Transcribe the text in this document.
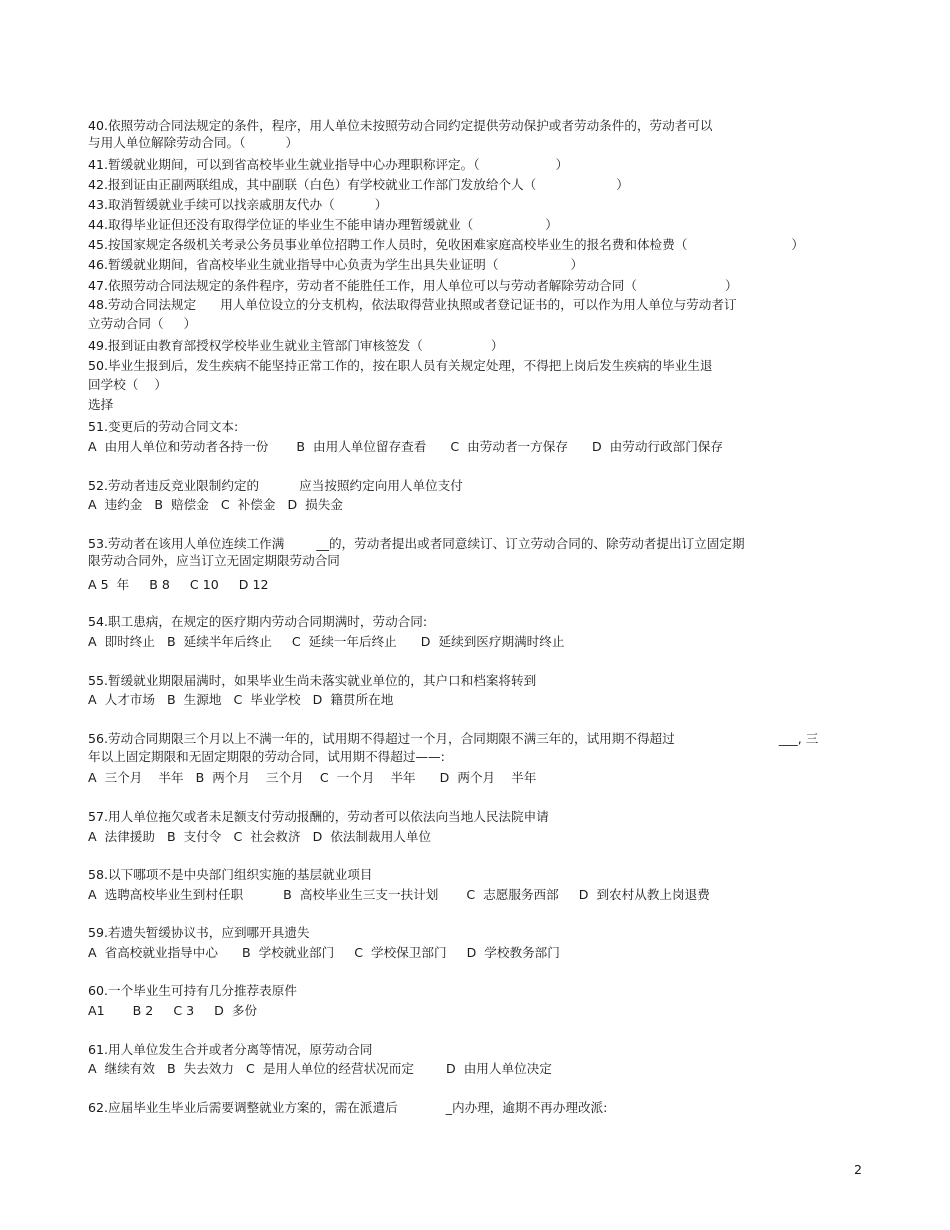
40.依照劳动合同法规定的条件，程序，用人单位未按照劳动合同约定提供劳动保护或者劳动条件的，劳动者可以
与用人单位解除劳动合同。（          ）
41.暂缓就业期间，可以到省高校毕业生就业指导中心办理职称评定。（                   ）
42.报到证由正副两联组成，其中副联（白色）有学校就业工作部门发放给个人（                    ）
43.取消暂缓就业手续可以找亲戚朋友代办（          ）
44.取得毕业证但还没有取得学位证的毕业生不能申请办理暂缓就业（                  ）
45.按国家规定各级机关考录公务员事业单位招聘工作人员时，免收困难家庭高校毕业生的报名费和体检费（                          ）
46.暂缓就业期间，省高校毕业生就业指导中心负责为学生出具失业证明（                  ）
47.依照劳动合同法规定的条件程序，劳动者不能胜任工作，用人单位可以与劳动者解除劳动合同（                      ）
48.劳动合同法规定      用人单位设立的分支机构，依法取得营业执照或者登记证书的，可以作为用人单位与劳动者订
立劳动合同（     ）
49.报到证由教育部授权学校毕业生就业主管部门审核签发（                 ）
50.毕业生报到后，发生疾病不能坚持正常工作的，按在职人员有关规定处理，不得把上岗后发生疾病的毕业生退
回学校（    ）
选择
51.变更后的劳动合同文本:
A  由用人单位和劳动者各持一份       B  由用人单位留存查看      C  由劳动者一方保存      D  由劳动行政部门保存
52.劳动者违反竞业限制约定的          应当按照约定向用人单位支付
A  违约金   B  赔偿金   C  补偿金   D  损失金
53.劳动者在该用人单位连续工作满        __的，劳动者提出或者同意续订、订立劳动合同的、除劳动者提出订立固定期
限劳动合同外，应当订立无固定期限劳动合同
A 5  年     B 8     C 10     D 12
54.职工患病，在规定的医疗期内劳动合同期满时，劳动合同:
A  即时终止   B  延续半年后终止     C  延续一年后终止      D  延续到医疗期满时终止
55.暂缓就业期限届满时，如果毕业生尚未落实就业单位的，其户口和档案将转到
A  人才市场   B  生源地   C  毕业学校   D  籍贯所在地
56.劳动合同期限三个月以上不满一年的，试用期不得超过一个月，合同期限不满三年的，试用期不得超过                          ___, 三
年以上固定期限和无固定期限的劳动合同，试用期不得超过——:
A  三个月    半年   B  两个月    三个月    C  一个月    半年      D  两个月    半年
57.用人单位拖欠或者未足额支付劳动报酬的，劳动者可以依法向当地人民法院申请
A  法律援助   B  支付令   C  社会救济   D  依法制裁用人单位
58.以下哪项不是中央部门组织实施的基层就业项目
A  选聘高校毕业生到村任职          B  高校毕业生三支一扶计划       C  志愿服务西部     D  到农村从教上岗退费
59.若遗失暂缓协议书，应到哪开具遗失
A  省高校就业指导中心      B  学校就业部门     C  学校保卫部门     D  学校教务部门
60.一个毕业生可持有几分推荐表原件
A1       B 2     C 3     D  多份
61.用人单位发生合并或者分离等情况，原劳动合同
A  继续有效   B  失去效力   C  是用人单位的经营状况而定        D  由用人单位决定
62.应届毕业生毕业后需要调整就业方案的，需在派遣后            _内办理，逾期不再办理改派:
2
